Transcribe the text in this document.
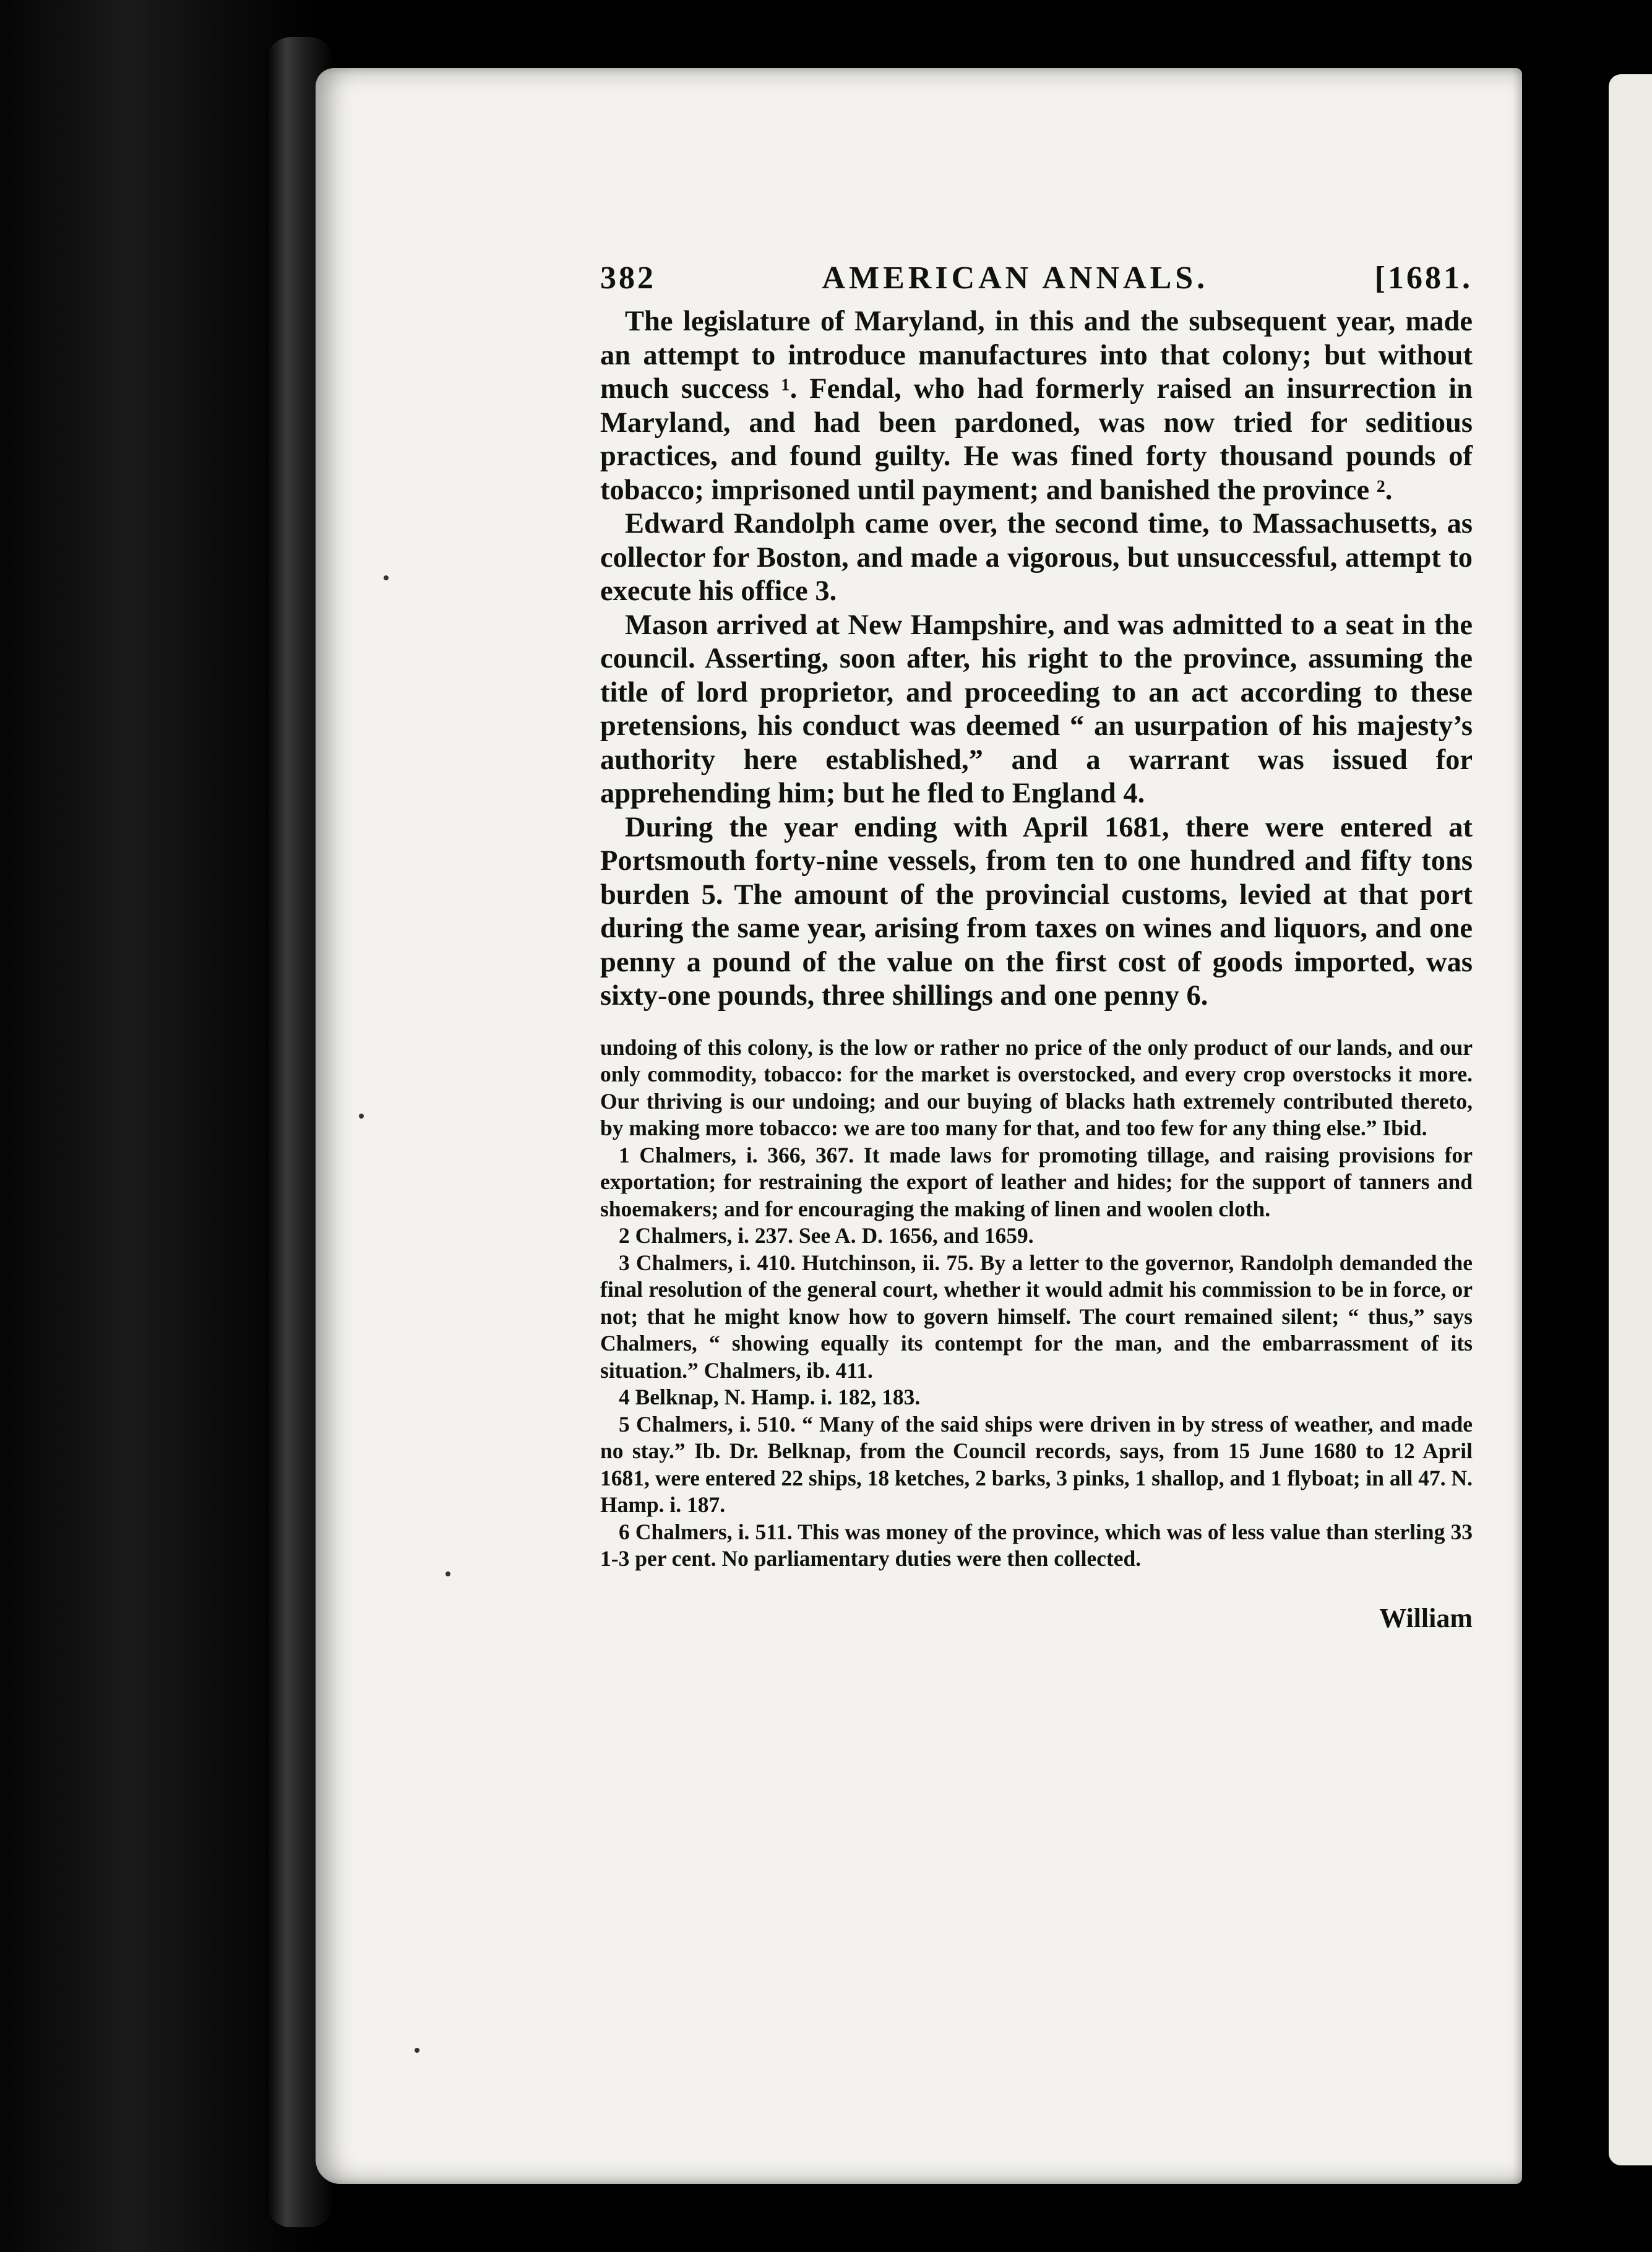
382	AMERICAN ANNALS.	[1681.

The legislature of Maryland, in this and the subsequent year, made an attempt to introduce manufactures into that colony; but without much success ¹. Fendal, who had formerly raised an insurrection in Maryland, and had been pardoned, was now tried for seditious practices, and found guilty. He was fined forty thousand pounds of tobacco; imprisoned until payment; and banished the province ².

Edward Randolph came over, the second time, to Massachusetts, as collector for Boston, and made a vigorous, but unsuccessful, attempt to execute his office 3.

Mason arrived at New Hampshire, and was admitted to a seat in the council. Asserting, soon after, his right to the province, assuming the title of lord proprietor, and proceeding to an act according to these pretensions, his conduct was deemed “ an usurpation of his majesty’s authority here established,” and a warrant was issued for apprehending him; but he fled to England 4.

During the year ending with April 1681, there were entered at Portsmouth forty-nine vessels, from ten to one hundred and fifty tons burden 5. The amount of the provincial customs, levied at that port during the same year, arising from taxes on wines and liquors, and one penny a pound of the value on the first cost of goods imported, was sixty-one pounds, three shillings and one penny 6.

undoing of this colony, is the low or rather no price of the only product of our lands, and our only commodity, tobacco: for the market is overstocked, and every crop overstocks it more. Our thriving is our undoing; and our buying of blacks hath extremely contributed thereto, by making more tobacco: we are too many for that, and too few for any thing else.” Ibid.

1 Chalmers, i. 366, 367. It made laws for promoting tillage, and raising provisions for exportation; for restraining the export of leather and hides; for the support of tanners and shoemakers; and for encouraging the making of linen and woolen cloth.

2 Chalmers, i. 237. See A. D. 1656, and 1659.

3 Chalmers, i. 410. Hutchinson, ii. 75. By a letter to the governor, Randolph demanded the final resolution of the general court, whether it would admit his commission to be in force, or not; that he might know how to govern himself. The court remained silent; “ thus,” says Chalmers, “ showing equally its contempt for the man, and the embarrassment of its situation.” Chalmers, ib. 411.

4 Belknap, N. Hamp. i. 182, 183.

5 Chalmers, i. 510. “ Many of the said ships were driven in by stress of weather, and made no stay.” Ib. Dr. Belknap, from the Council records, says, from 15 June 1680 to 12 April 1681, were entered 22 ships, 18 ketches, 2 barks, 3 pinks, 1 shallop, and 1 flyboat; in all 47. N. Hamp. i. 187.

6 Chalmers, i. 511. This was money of the province, which was of less value than sterling 33 1-3 per cent. No parliamentary duties were then collected.

William
